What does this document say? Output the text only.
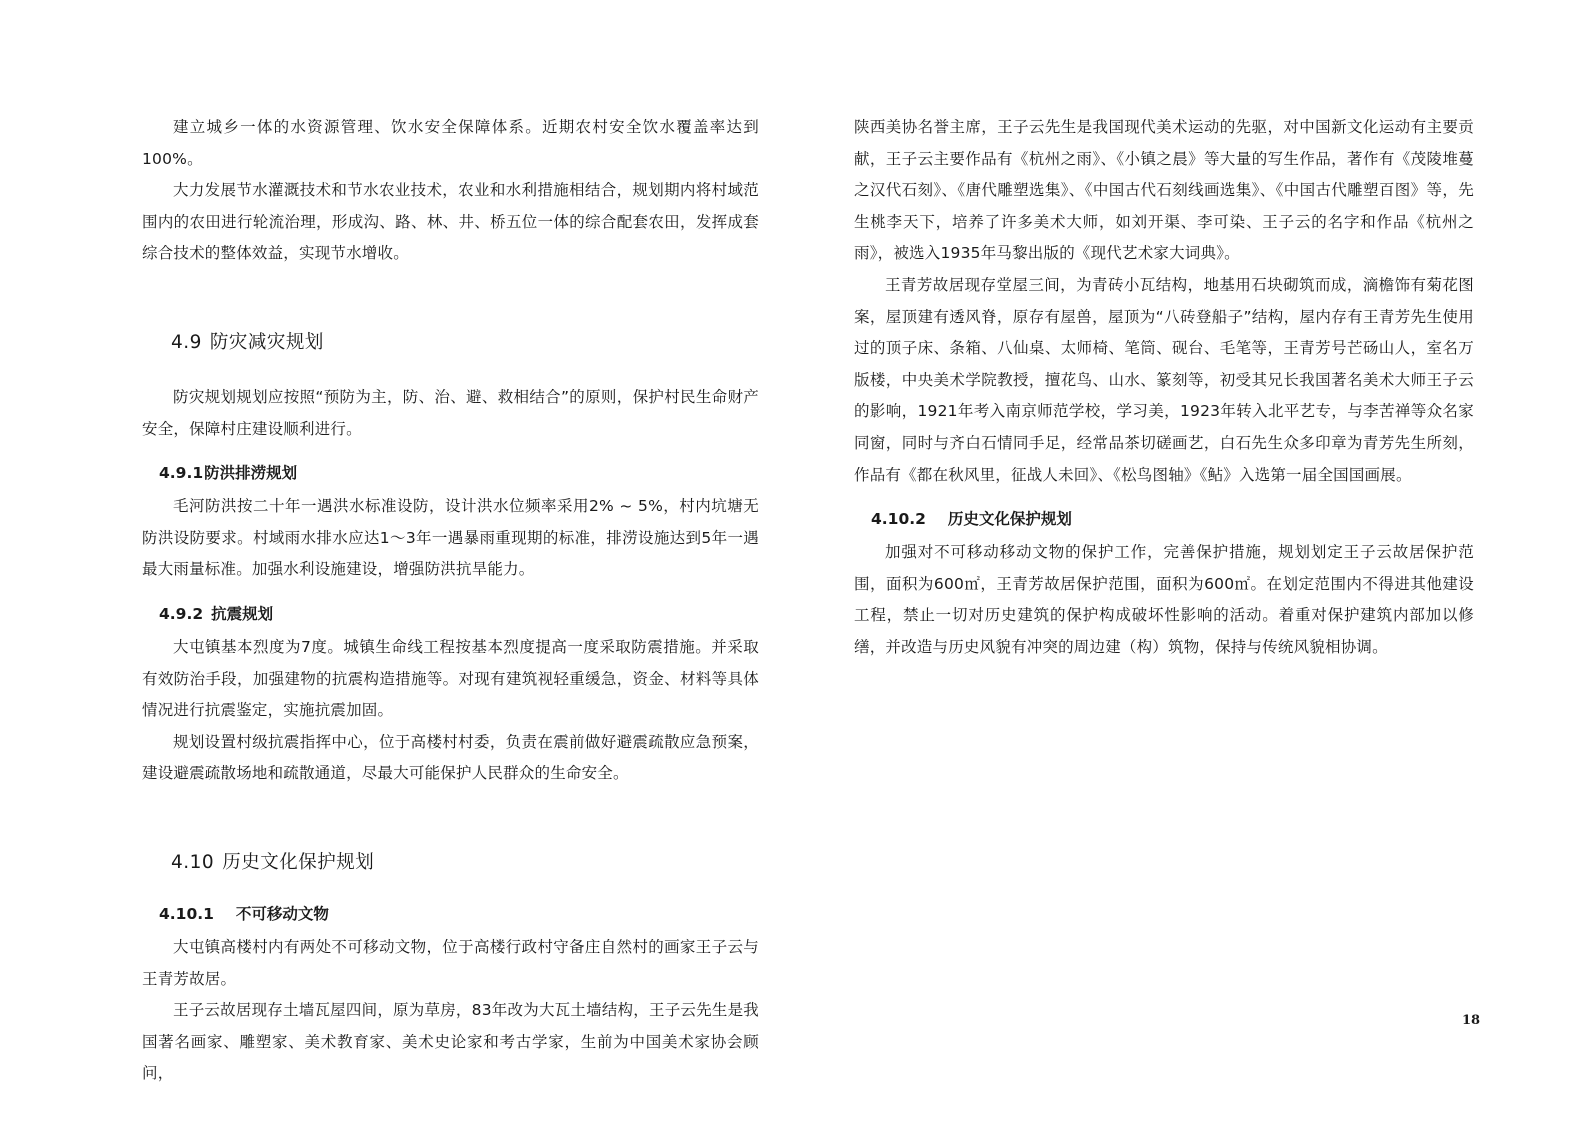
建立城乡一体的水资源管理、饮水安全保障体系。近期农村安全饮水覆盖率达到100%。

大力发展节水灌溉技术和节水农业技术，农业和水利措施相结合，规划期内将村域范围内的农田进行轮流治理，形成沟、路、林、井、桥五位一体的综合配套农田，发挥成套综合技术的整体效益，实现节水增收。

4.9 防灾减灾规划

防灾规划规划应按照“预防为主，防、治、避、救相结合”的原则，保护村民生命财产安全，保障村庄建设顺利进行。

4.9.1防洪排涝规划

毛河防洪按二十年一遇洪水标准设防，设计洪水位频率采用2% ~ 5%，村内坑塘无防洪设防要求。村域雨水排水应达1～3年一遇暴雨重现期的标准，排涝设施达到5年一遇最大雨量标准。加强水利设施建设，增强防洪抗旱能力。

4.9.2 抗震规划

大屯镇基本烈度为7度。城镇生命线工程按基本烈度提高一度采取防震措施。并采取有效防治手段，加强建物的抗震构造措施等。对现有建筑视轻重缓急，资金、材料等具体情况进行抗震鉴定，实施抗震加固。

规划设置村级抗震指挥中心，位于高楼村村委，负责在震前做好避震疏散应急预案，建设避震疏散场地和疏散通道，尽最大可能保护人民群众的生命安全。

4.10 历史文化保护规划
4.10.1 不可移动文物

大屯镇高楼村内有两处不可移动文物，位于高楼行政村守备庄自然村的画家王子云与王青芳故居。

王子云故居现存土墙瓦屋四间，原为草房，83年改为大瓦土墙结构，王子云先生是我国著名画家、雕塑家、美术教育家、美术史论家和考古学家，生前为中国美术家协会顾问，

陕西美协名誉主席，王子云先生是我国现代美术运动的先驱，对中国新文化运动有主要贡献，王子云主要作品有《杭州之雨》、《小镇之晨》等大量的写生作品，著作有《茂陵堆蔓之汉代石刻》、《唐代雕塑选集》、《中国古代石刻线画选集》、《中国古代雕塑百图》等，先生桃李天下，培养了许多美术大师，如刘开渠、李可染、王子云的名字和作品《杭州之雨》，被选入1935年马黎出版的《现代艺术家大词典》。

王青芳故居现存堂屋三间，为青砖小瓦结构，地基用石块砌筑而成，滴檐饰有菊花图案，屋顶建有透风脊，原存有屋兽，屋顶为“八砖登船子”结构，屋内存有王青芳先生使用过的顶子床、条箱、八仙桌、太师椅、笔筒、砚台、毛笔等，王青芳号芒砀山人，室名万版楼，中央美术学院教授，擅花鸟、山水、篆刻等，初受其兄长我国著名美术大师王子云的影响，1921年考入南京师范学校，学习美，1923年转入北平艺专，与李苦禅等众名家同窗，同时与齐白石情同手足，经常品茶切磋画艺，白石先生众多印章为青芳先生所刻，作品有《都在秋风里，征战人未回》、《松鸟图轴》《鲇》入选第一届全国国画展。

4.10.2 历史文化保护规划

加强对不可移动移动文物的保护工作，完善保护措施，规划划定王子云故居保护范围，面积为600㎡，王青芳故居保护范围，面积为600㎡。在划定范围内不得进其他建设工程，禁止一切对历史建筑的保护构成破坏性影响的活动。着重对保护建筑内部加以修缮，并改造与历史风貌有冲突的周边建（构）筑物，保持与传统风貌相协调。

18
